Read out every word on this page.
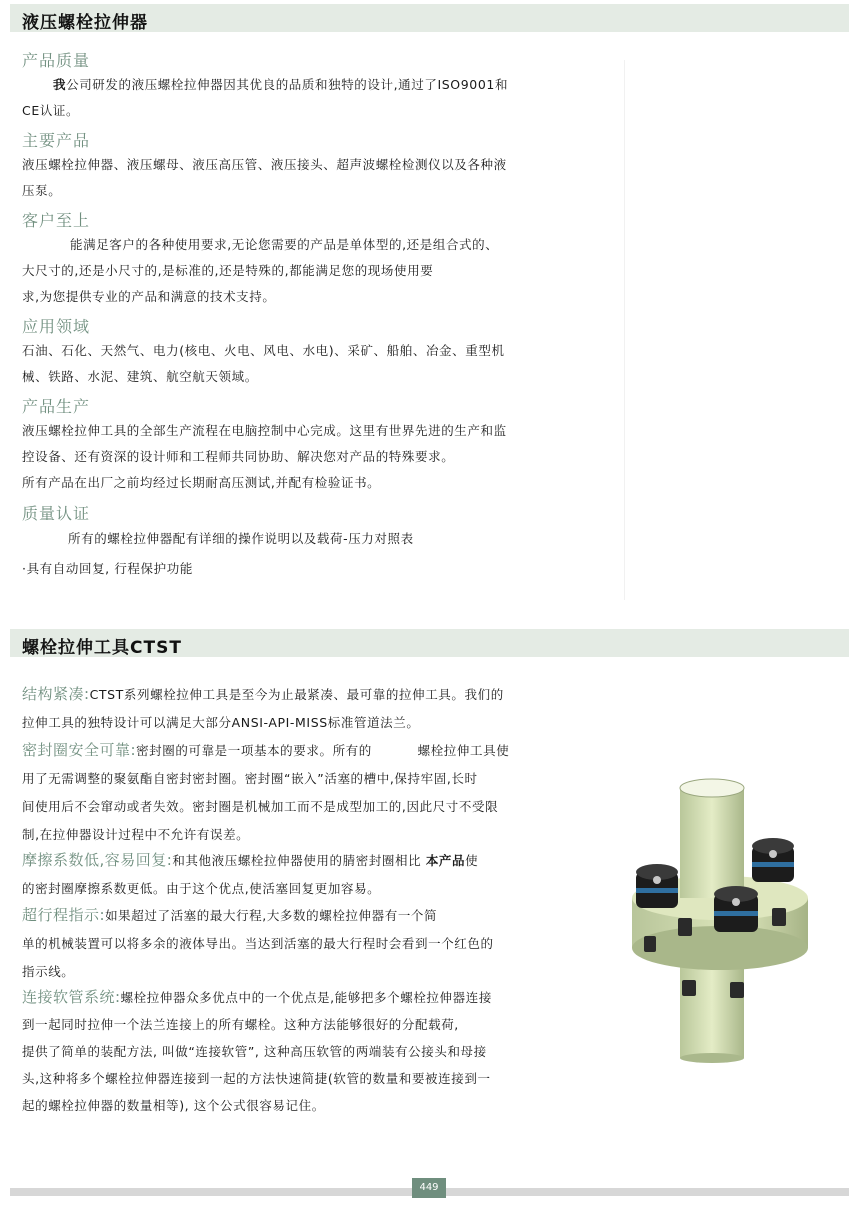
液压螺栓拉伸器
产品质量
我公司研发的液压螺栓拉伸器因其优良的品质和独特的设计,通过了ISO9001和
CE认证。
主要产品
液压螺栓拉伸器、液压螺母、液压高压管、液压接头、超声波螺栓检测仪以及各种液
压泵。
客户至上
能满足客户的各种使用要求,无论您需要的产品是单体型的,还是组合式的、
大尺寸的,还是小尺寸的,是标准的,还是特殊的,都能满足您的现场使用要
求,为您提供专业的产品和满意的技术支持。
应用领域
石油、石化、天然气、电力(核电、火电、风电、水电)、采矿、船舶、冶金、重型机
械、铁路、水泥、建筑、航空航天领域。
产品生产
液压螺栓拉伸工具的全部生产流程在电脑控制中心完成。这里有世界先进的生产和监
控设备、还有资深的设计师和工程师共同协助、解决您对产品的特殊要求。
所有产品在出厂之前均经过长期耐高压测试,并配有检验证书。
质量认证
所有的螺栓拉伸器配有详细的操作说明以及载荷-压力对照表
·具有自动回复, 行程保护功能
螺栓拉伸工具CTST
结构紧凑:CTST系列螺栓拉伸工具是至今为止最紧凑、最可靠的拉伸工具。我们的
拉伸工具的独特设计可以满足大部分ANSI-API-MISS标准管道法兰。
密封圈安全可靠:密封圈的可靠是一项基本的要求。所有的          螺栓拉伸工具使
用了无需调整的聚氨酯自密封密封圈。密封圈“嵌入”活塞的槽中,保持牢固,长时
间使用后不会窜动或者失效。密封圈是机械加工而不是成型加工的,因此尺寸不受限
制,在拉伸器设计过程中不允许有误差。
摩擦系数低,容易回复:和其他液压螺栓拉伸器使用的腈密封圈相比 本产品使
的密封圈摩擦系数更低。由于这个优点,使活塞回复更加容易。
超行程指示:如果超过了活塞的最大行程,大多数的螺栓拉伸器有一个简
单的机械装置可以将多余的液体导出。当达到活塞的最大行程时会看到一个红色的
指示线。
连接软管系统:螺栓拉伸器众多优点中的一个优点是,能够把多个螺栓拉伸器连接
到一起同时拉伸一个法兰连接上的所有螺栓。这种方法能够很好的分配载荷,
提供了简单的装配方法, 叫做“连接软管”, 这种高压软管的两端装有公接头和母接
头,这种将多个螺栓拉伸器连接到一起的方法快速简捷(软管的数量和要被连接到一
起的螺栓拉伸器的数量相等), 这个公式很容易记住。
449
